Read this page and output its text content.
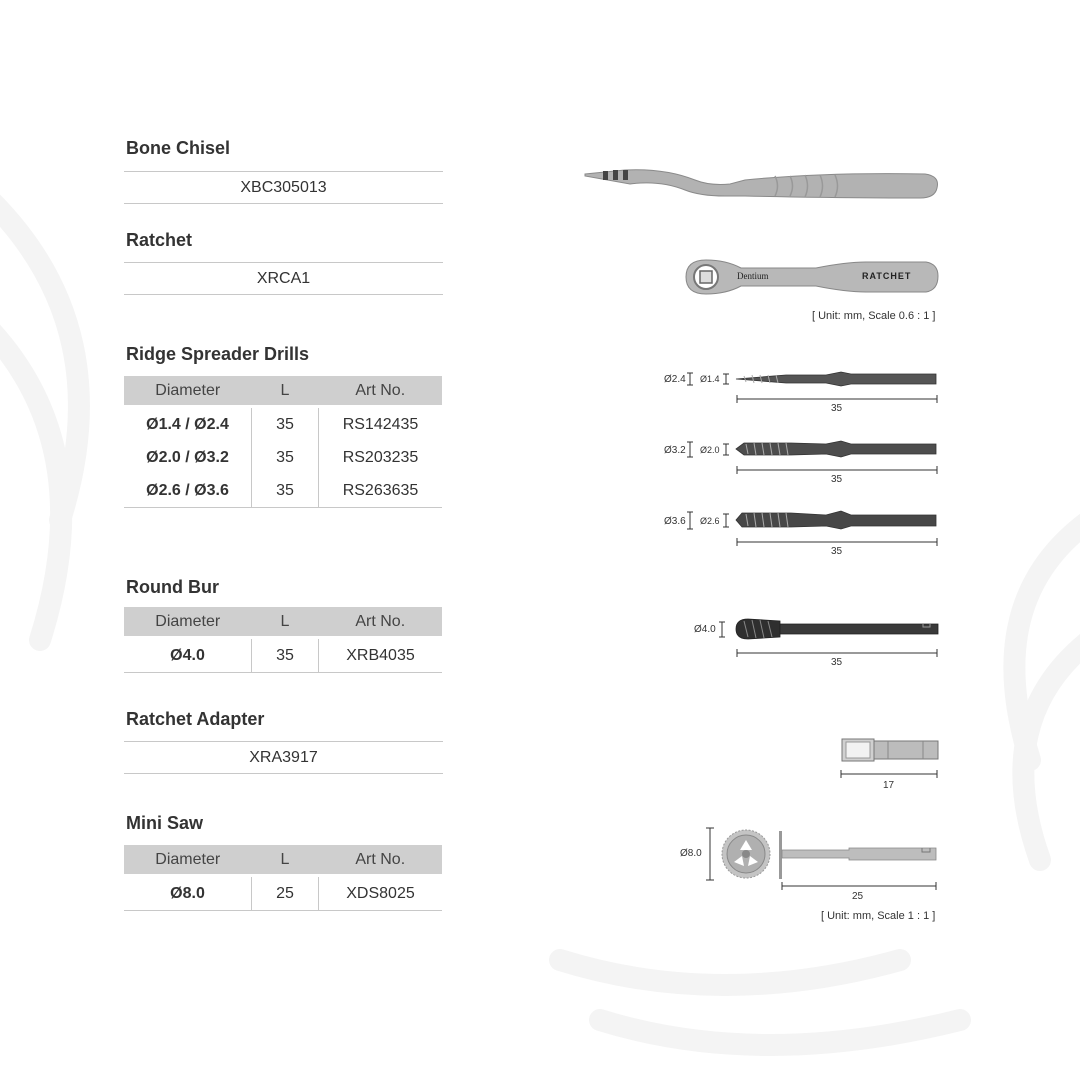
Bone Chisel
XBC305013
Ratchet
XRCA1	Dentium	RATCHET
[ Unit: mm, Scale 0.6 : 1 ]
Ridge Spreader Drills
Diameter	L	Art No.
Ø1.4 / Ø2.4	35	RS142435
Ø2.0 / Ø3.2	35	RS203235
Ø2.6 / Ø3.6	35	RS263635
Ø2.4 Ø1.4
35
Ø3.2 Ø2.0
35
Ø3.6 Ø2.6
35
Round Bur
Diameter	L	Art No.
Ø4.0	35	XRB4035
Ø4.0
35
Ratchet Adapter
XRA3917
17
Mini Saw
Diameter	L	Art No.
Ø8.0	25	XDS8025
Ø8.0
25
[ Unit: mm, Scale 1 : 1 ]
